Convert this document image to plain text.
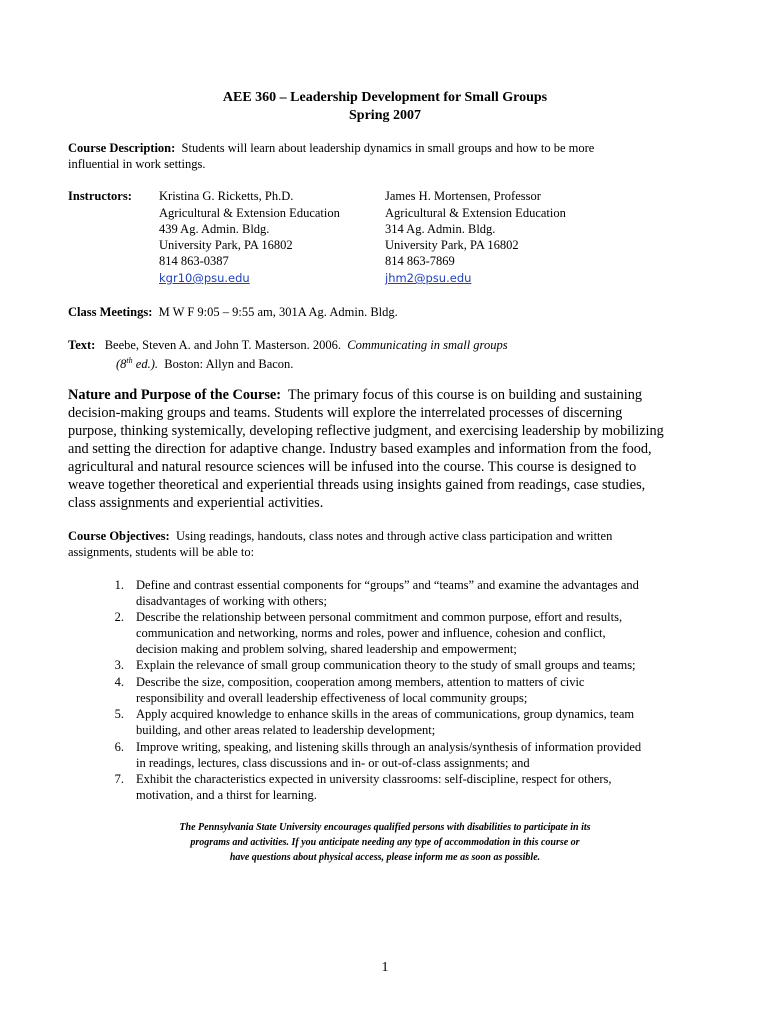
AEE 360 – Leadership Development for Small Groups
Spring 2007
Course Description: Students will learn about leadership dynamics in small groups and how to be more
influential in work settings.
Instructors: Kristina G. Ricketts, Ph.D.
Agricultural & Extension Education
439 Ag. Admin. Bldg.
University Park, PA 16802
814 863-0387
kgr10@psu.edu
James H. Mortensen, Professor
Agricultural & Extension Education
314 Ag. Admin. Bldg.
University Park, PA 16802
814 863-7869
jhm2@psu.edu
Class Meetings: M W F 9:05 – 9:55 am, 301A Ag. Admin. Bldg.
Text: Beebe, Steven A. and John T. Masterson. 2006. Communicating in small groups
(8th ed.). Boston: Allyn and Bacon.
Nature and Purpose of the Course: The primary focus of this course is on building and sustaining
decision-making groups and teams. Students will explore the interrelated processes of discerning
purpose, thinking systemically, developing reflective judgment, and exercising leadership by mobilizing
and setting the direction for adaptive change. Industry based examples and information from the food,
agricultural and natural resource sciences will be infused into the course. This course is designed to
weave together theoretical and experiential threads using insights gained from readings, case studies,
class assignments and experiential activities.
Course Objectives: Using readings, handouts, class notes and through active class participation and written
assignments, students will be able to:
1. Define and contrast essential components for “groups” and “teams” and examine the advantages and
disadvantages of working with others;
2. Describe the relationship between personal commitment and common purpose, effort and results,
communication and networking, norms and roles, power and influence, cohesion and conflict,
decision making and problem solving, shared leadership and empowerment;
3. Explain the relevance of small group communication theory to the study of small groups and teams;
4. Describe the size, composition, cooperation among members, attention to matters of civic
responsibility and overall leadership effectiveness of local community groups;
5. Apply acquired knowledge to enhance skills in the areas of communications, group dynamics, team
building, and other areas related to leadership development;
6. Improve writing, speaking, and listening skills through an analysis/synthesis of information provided
in readings, lectures, class discussions and in- or out-of-class assignments; and
7. Exhibit the characteristics expected in university classrooms: self-discipline, respect for others,
motivation, and a thirst for learning.
The Pennsylvania State University encourages qualified persons with disabilities to participate in its
programs and activities. If you anticipate needing any type of accommodation in this course or
have questions about physical access, please inform me as soon as possible.
1
